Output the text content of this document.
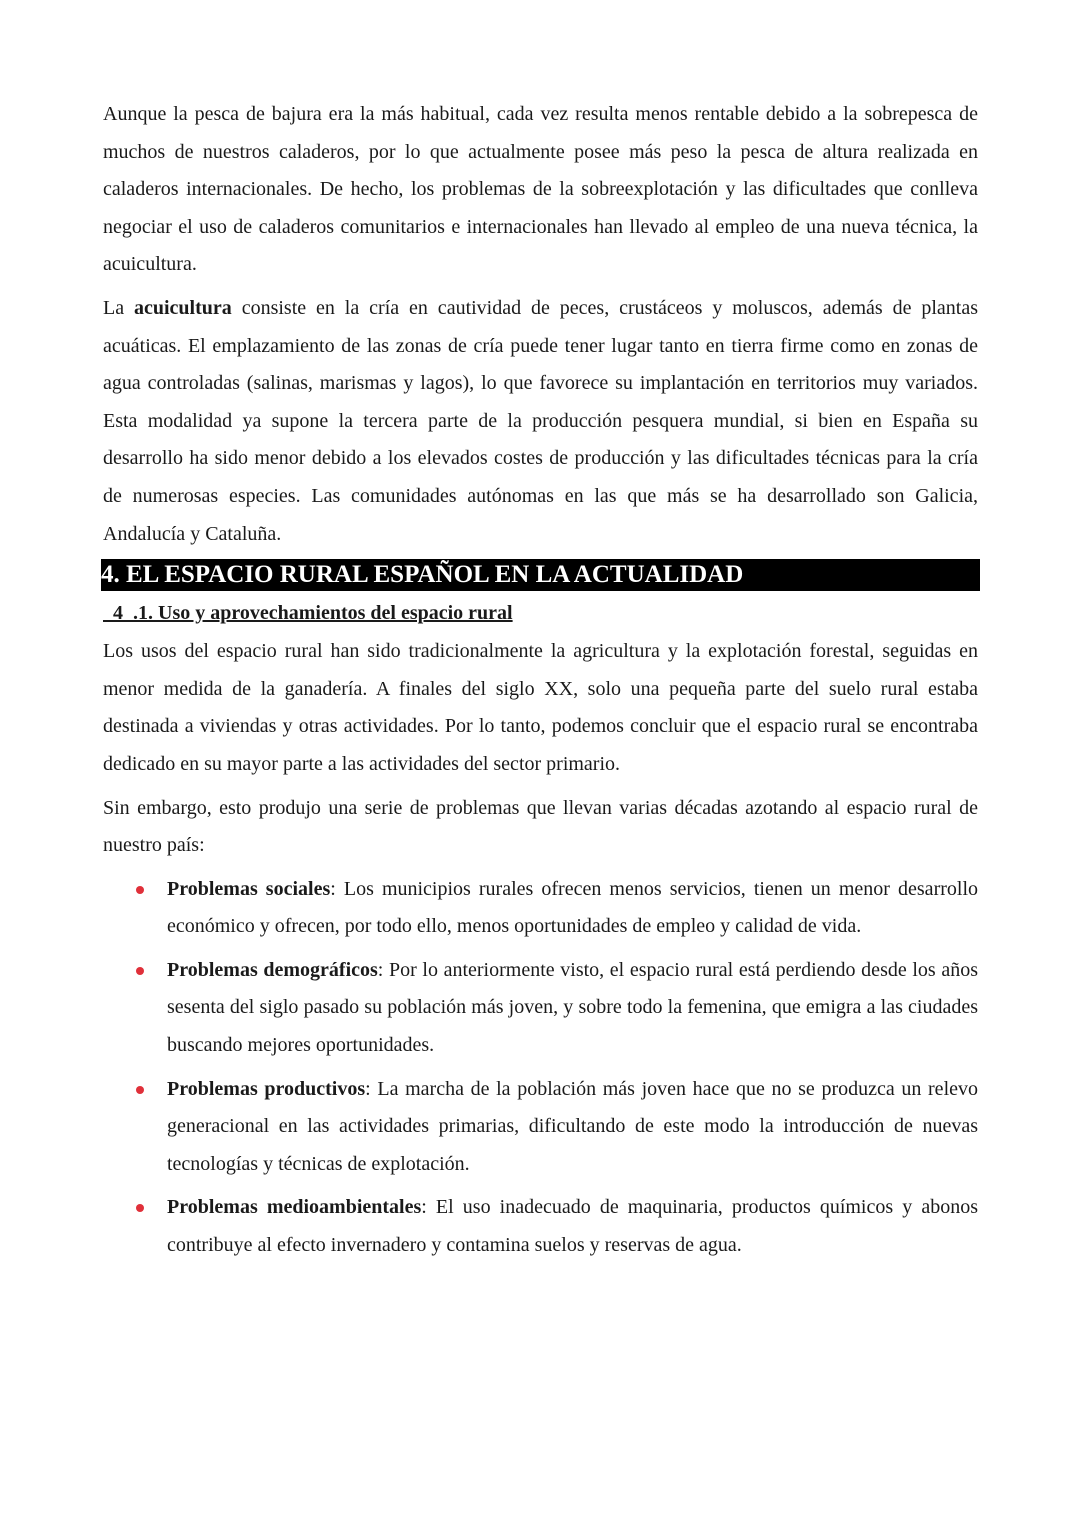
Aunque la pesca de bajura era la más habitual, cada vez resulta menos rentable debido a la sobrepesca de muchos de nuestros caladeros, por lo que actualmente posee más peso la pesca de altura realizada en caladeros internacionales. De hecho, los problemas de la sobreexplotación y las dificultades que conlleva negociar el uso de caladeros comunitarios e internacionales han llevado al empleo de una nueva técnica, la acuicultura.

La acuicultura consiste en la cría en cautividad de peces, crustáceos y moluscos, además de plantas acuáticas. El emplazamiento de las zonas de cría puede tener lugar tanto en tierra firme como en zonas de agua controladas (salinas, marismas y lagos), lo que favorece su implantación en territorios muy variados. Esta modalidad ya supone la tercera parte de la producción pesquera mundial, si bien en España su desarrollo ha sido menor debido a los elevados costes de producción y las dificultades técnicas para la cría de numerosas especies. Las comunidades autónomas en las que más se ha desarrollado son Galicia, Andalucía y Cataluña.

4. EL ESPACIO RURAL ESPAÑOL EN LA ACTUALIDAD
4  .1. Uso y aprovechamientos del espacio rural

Los usos del espacio rural han sido tradicionalmente la agricultura y la explotación forestal, seguidas en menor medida de la ganadería. A finales del siglo XX, solo una pequeña parte del suelo rural estaba destinada a viviendas y otras actividades. Por lo tanto, podemos concluir que el espacio rural se encontraba dedicado en su mayor parte a las actividades del sector primario.

Sin embargo, esto produjo una serie de problemas que llevan varias décadas azotando al espacio rural de nuestro país:

Problemas sociales: Los municipios rurales ofrecen menos servicios, tienen un menor desarrollo económico y ofrecen, por todo ello, menos oportunidades de empleo y calidad de vida.
Problemas demográficos: Por lo anteriormente visto, el espacio rural está perdiendo desde los años sesenta del siglo pasado su población más joven, y sobre todo la femenina, que emigra a las ciudades buscando mejores oportunidades.
Problemas productivos: La marcha de la población más joven hace que no se produzca un relevo generacional en las actividades primarias, dificultando de este modo la introducción de nuevas tecnologías y técnicas de explotación.
Problemas medioambientales: El uso inadecuado de maquinaria, productos químicos y abonos contribuye al efecto invernadero y contamina suelos y reservas de agua.
